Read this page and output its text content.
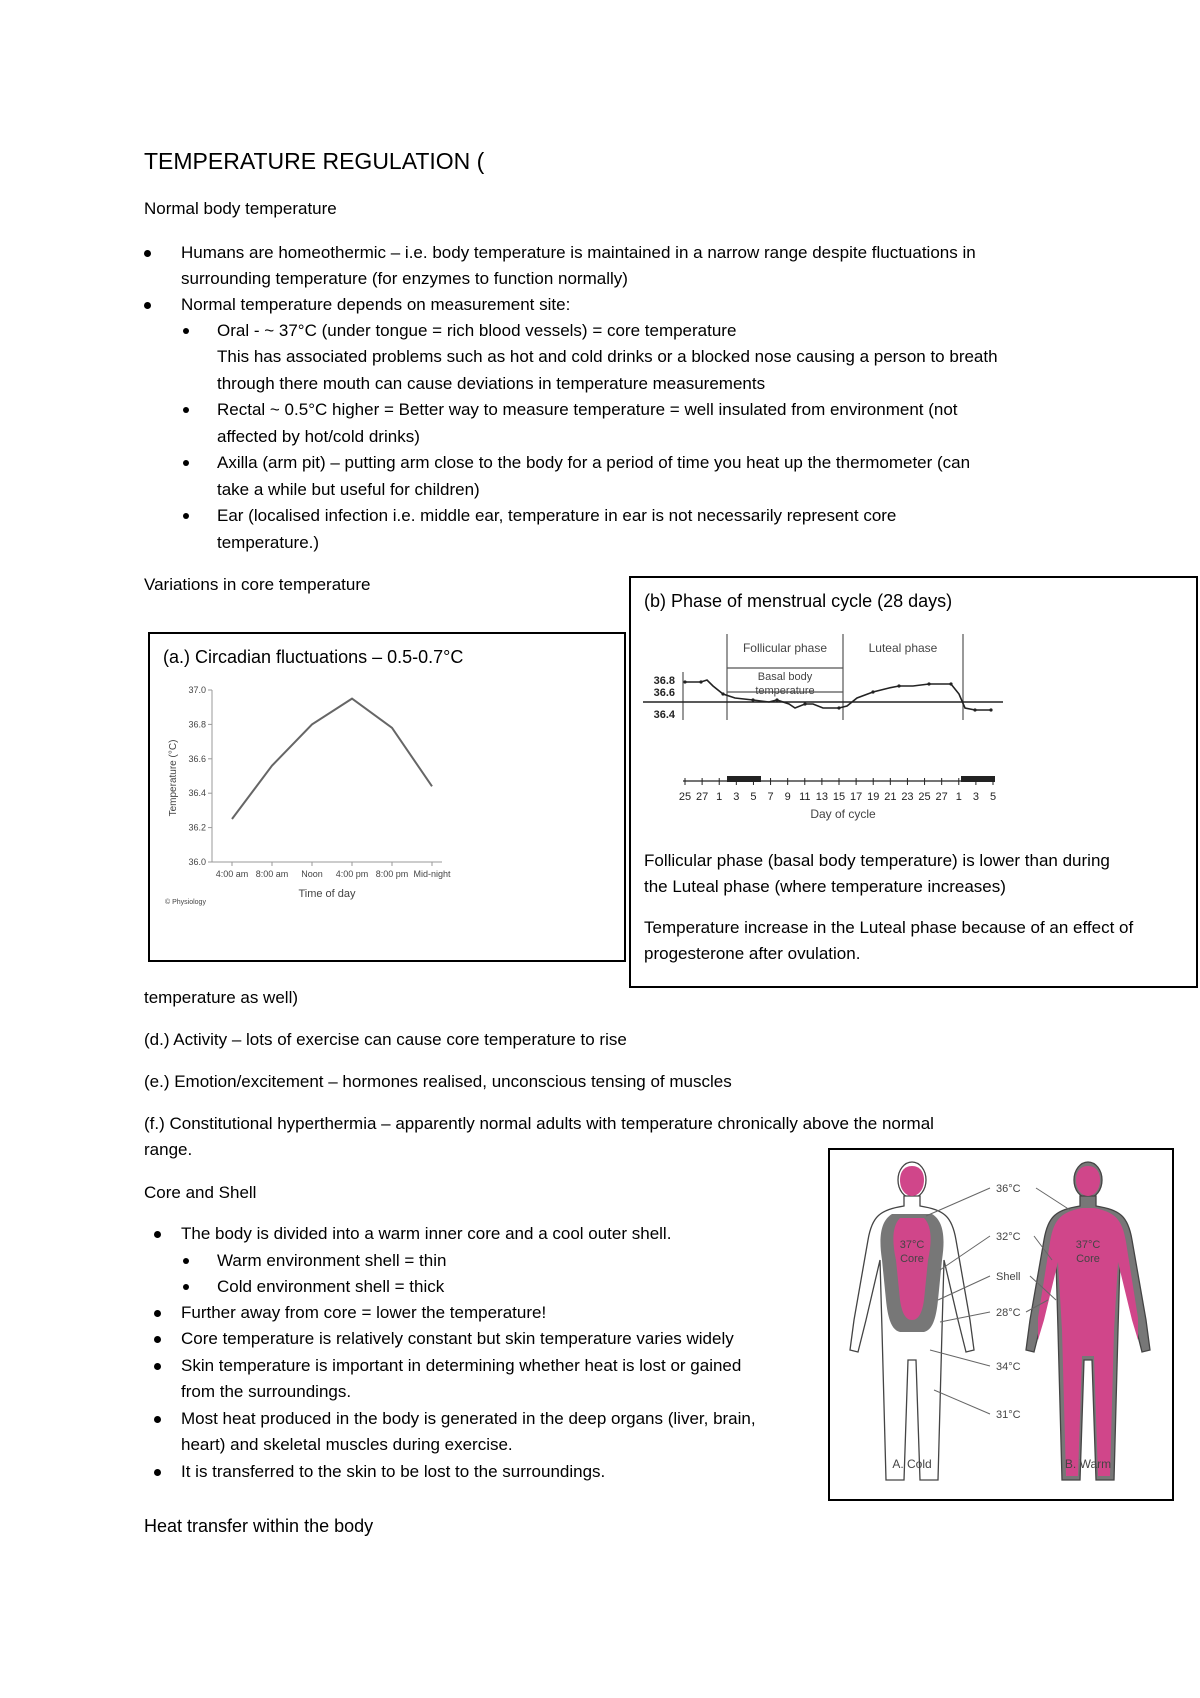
TEMPERATURE REGULATION (
Normal body temperature
Humans are homeothermic – i.e. body temperature is maintained in a narrow range despite fluctuations in
surrounding temperature (for enzymes to function normally)
Normal temperature depends on measurement site:
Oral - ~ 37°C (under tongue = rich blood vessels) = core temperature
This has associated problems such as hot and cold drinks or a blocked nose causing a person to breath
through there mouth can cause deviations in temperature measurements
Rectal ~ 0.5°C higher = Better way to measure temperature = well insulated from environment (not
affected by hot/cold drinks)
Axilla (arm pit) – putting arm close to the body for a period of time you heat up the thermometer (can
take a while but useful for children)
Ear (localised infection i.e. middle ear, temperature in ear is not necessarily represent core
temperature.)
Variations in core temperature
(a.) Circadian fluctuations – 0.5-0.7°C
36.0
36.2
36.4
36.6
36.8
37.0
4:00 am 8:00 am Noon 4:00 pm 8:00 pm Mid-night
Temperature (°C)
Time of day
© Physiology
(b) Phase of menstrual cycle (28 days)
Follicular phase	Luteal phase
Basal body
temperature
36.8
36.6
36.4
25 27 1 3 5 7 9 11 13 15 17 19 21 23 25 27 1 3 5
Day of cycle
Follicular phase (basal body temperature) is lower than during
the Luteal phase (where temperature increases)
Temperature increase in the Luteal phase because of an effect of
progesterone after ovulation.
temperature as well)
(d.) Activity – lots of exercise can cause core temperature to rise
(e.) Emotion/excitement – hormones realised, unconscious tensing of muscles
(f.) Constitutional hyperthermia – apparently normal adults with temperature chronically above the normal
range.
Core and Shell
The body is divided into a warm inner core and a cool outer shell.
Warm environment shell = thin
Cold environment shell = thick
Further away from core = lower the temperature!
Core temperature is relatively constant but skin temperature varies widely
Skin temperature is important in determining whether heat is lost or gained
from the surroundings.
Most heat produced in the body is generated in the deep organs (liver, brain,
heart) and skeletal muscles during exercise.
It is transferred to the skin to be lost to the surroundings.
37°C
Core
37°C
Core
36°C
32°C
Shell
28°C
34°C
31°C
A. Cold	B. Warm
Heat transfer within the body
